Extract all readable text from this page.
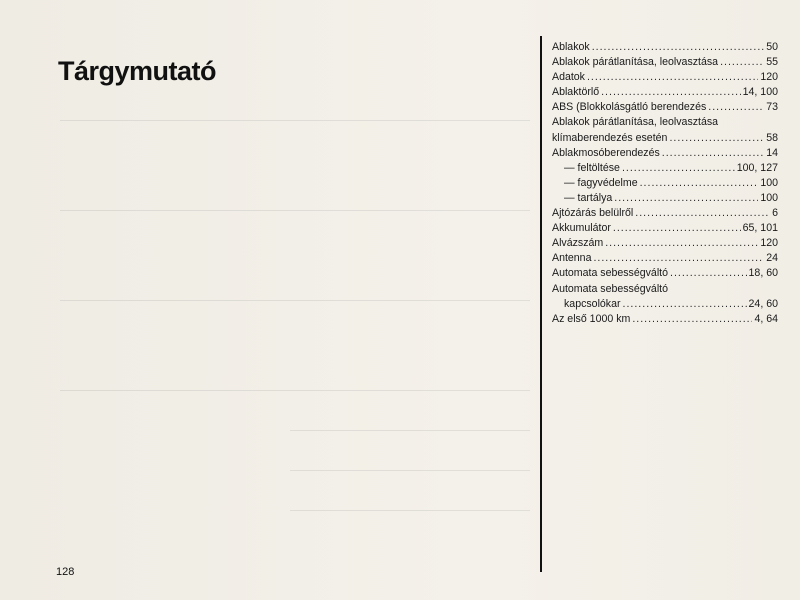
Tárgymutató
Ablakok .....	50
Ablakok párátlanítása, leolvasztása .....	55
Adatok .....	120
Ablaktörlő .....	14, 100
ABS (Blokkolásgátló berendezés .....	73
Ablakok párátlanítása, leolvasztása
klímaberendezés esetén .....	58
Ablakmosóberendezés .....	14
— feltöltése .....	100, 127
— fagyvédelme .....	100
— tartálya .....	100
Ajtózárás belülről .....	6
Akkumulátor .....	65, 101
Alvázszám .....	120
Antenna .....	24
Automata sebességváltó .....	18, 60
Automata sebességváltó
kapcsolókar .....	24, 60
Az első 1000 km .....	4, 64
128
